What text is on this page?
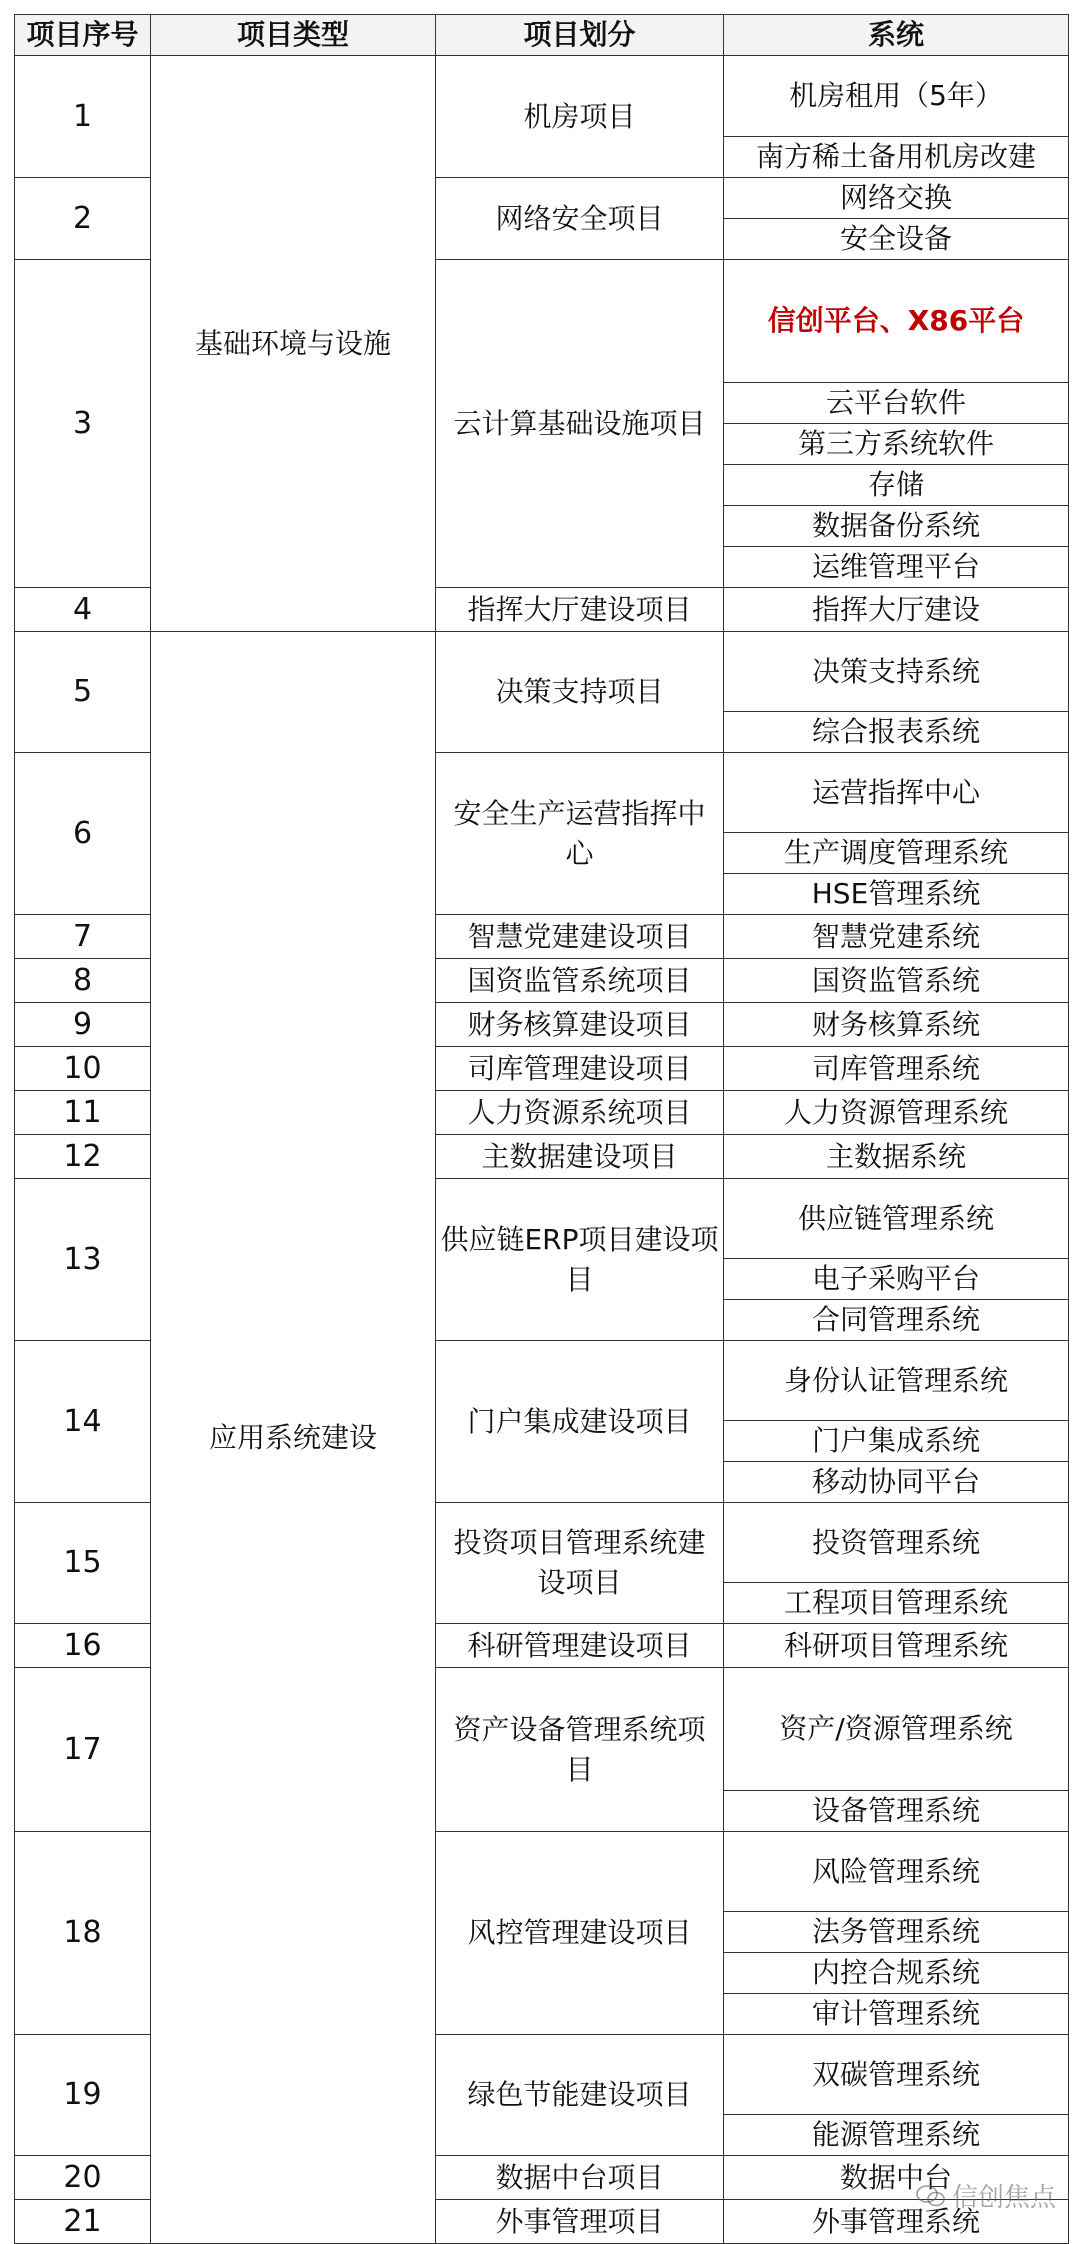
项目序号	项目类型	项目划分	系统
1	基础环境与设施	机房项目	机房租用（5年）
			南方稀土备用机房改建
2		网络安全项目	网络交换
			安全设备
3		云计算基础设施项目	信创平台、X86平台
			云平台软件
			第三方系统软件
			存储
			数据备份系统
			运维管理平台
4		指挥大厅建设项目	指挥大厅建设
5	应用系统建设	决策支持项目	决策支持系统
			综合报表系统
6		安全生产运营指挥中心	运营指挥中心
			生产调度管理系统
			HSE管理系统
7		智慧党建建设项目	智慧党建系统
8		国资监管系统项目	国资监管系统
9		财务核算建设项目	财务核算系统
10		司库管理建设项目	司库管理系统
11		人力资源系统项目	人力资源管理系统
12		主数据建设项目	主数据系统
13		供应链ERP项目建设项目	供应链管理系统
			电子采购平台
			合同管理系统
14		门户集成建设项目	身份认证管理系统
			门户集成系统
			移动协同平台
15		投资项目管理系统建设项目	投资管理系统
			工程项目管理系统
16		科研管理建设项目	科研项目管理系统
17		资产设备管理系统项目	资产/资源管理系统
			设备管理系统
18		风控管理建设项目	风险管理系统
			法务管理系统
			内控合规系统
			审计管理系统
19		绿色节能建设项目	双碳管理系统
			能源管理系统
20		数据中台项目	数据中台
21		外事管理项目	外事管理系统
信创焦点
